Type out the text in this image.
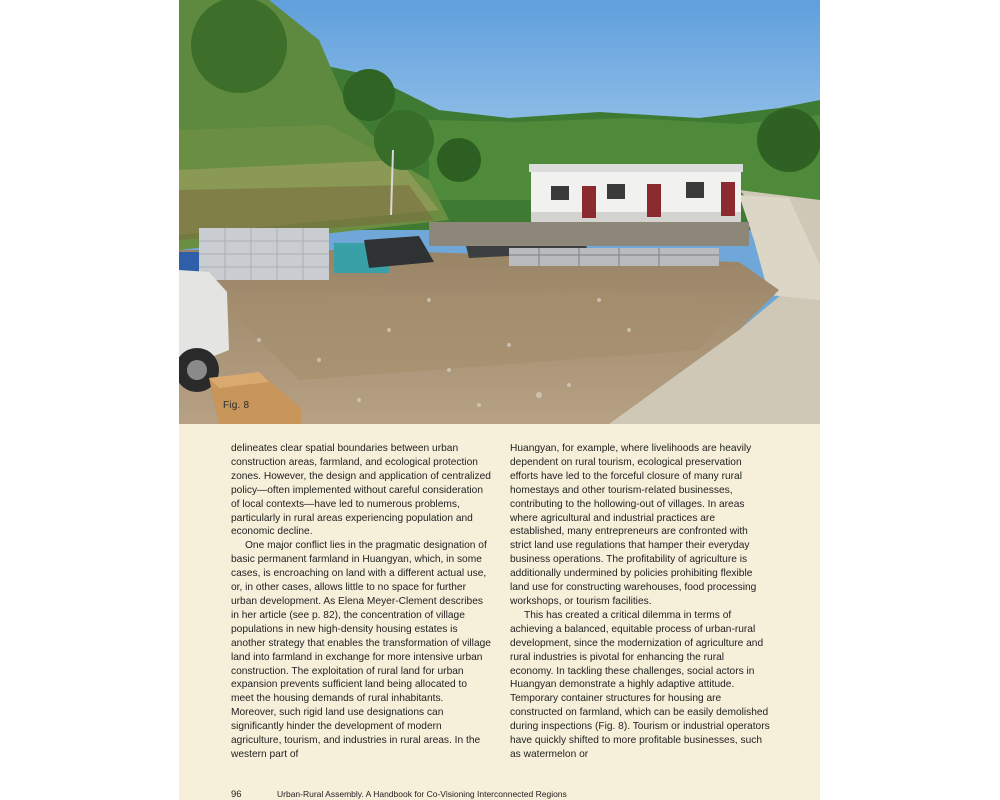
Fig. 8

delineates clear spatial boundaries between urban construction areas, farmland, and ecological protection zones. However, the design and application of centralized policy—often implemented without careful consideration of local contexts—have led to numerous problems, particularly in rural areas experiencing population and economic decline.

One major conflict lies in the pragmatic designation of basic permanent farmland in Huangyan, which, in some cases, is encroaching on land with a different actual use, or, in other cases, allows little to no space for further urban development. As Elena Meyer-Clement describes in her article (see p. 82), the concentration of village populations in new high-density housing estates is another strategy that enables the transformation of village land into farmland in exchange for more intensive urban construction. The exploitation of rural land for urban expansion prevents sufficient land being allocated to meet the housing demands of rural inhabitants. Moreover, such rigid land use designations can significantly hinder the development of modern agriculture, tourism, and industries in rural areas. In the western part of

Huangyan, for example, where livelihoods are heavily dependent on rural tourism, ecological preservation efforts have led to the forceful closure of many rural homestays and other tourism-related businesses, contributing to the hollowing-out of villages. In areas where agricultural and industrial practices are established, many entrepreneurs are confronted with strict land use regulations that hamper their everyday business operations. The profitability of agriculture is additionally undermined by policies prohibiting flexible land use for constructing warehouses, food processing workshops, or tourism facilities.

This has created a critical dilemma in terms of achieving a balanced, equitable process of urban-rural development, since the modernization of agriculture and rural industries is pivotal for enhancing the rural economy. In tackling these challenges, social actors in Huangyan demonstrate a highly adaptive attitude. Temporary container structures for housing are constructed on farmland, which can be easily demolished during inspections (Fig. 8). Tourism or industrial operators have quickly shifted to more profitable businesses, such as watermelon or

96	Urban-Rural Assembly. A Handbook for Co-Visioning Interconnected Regions
